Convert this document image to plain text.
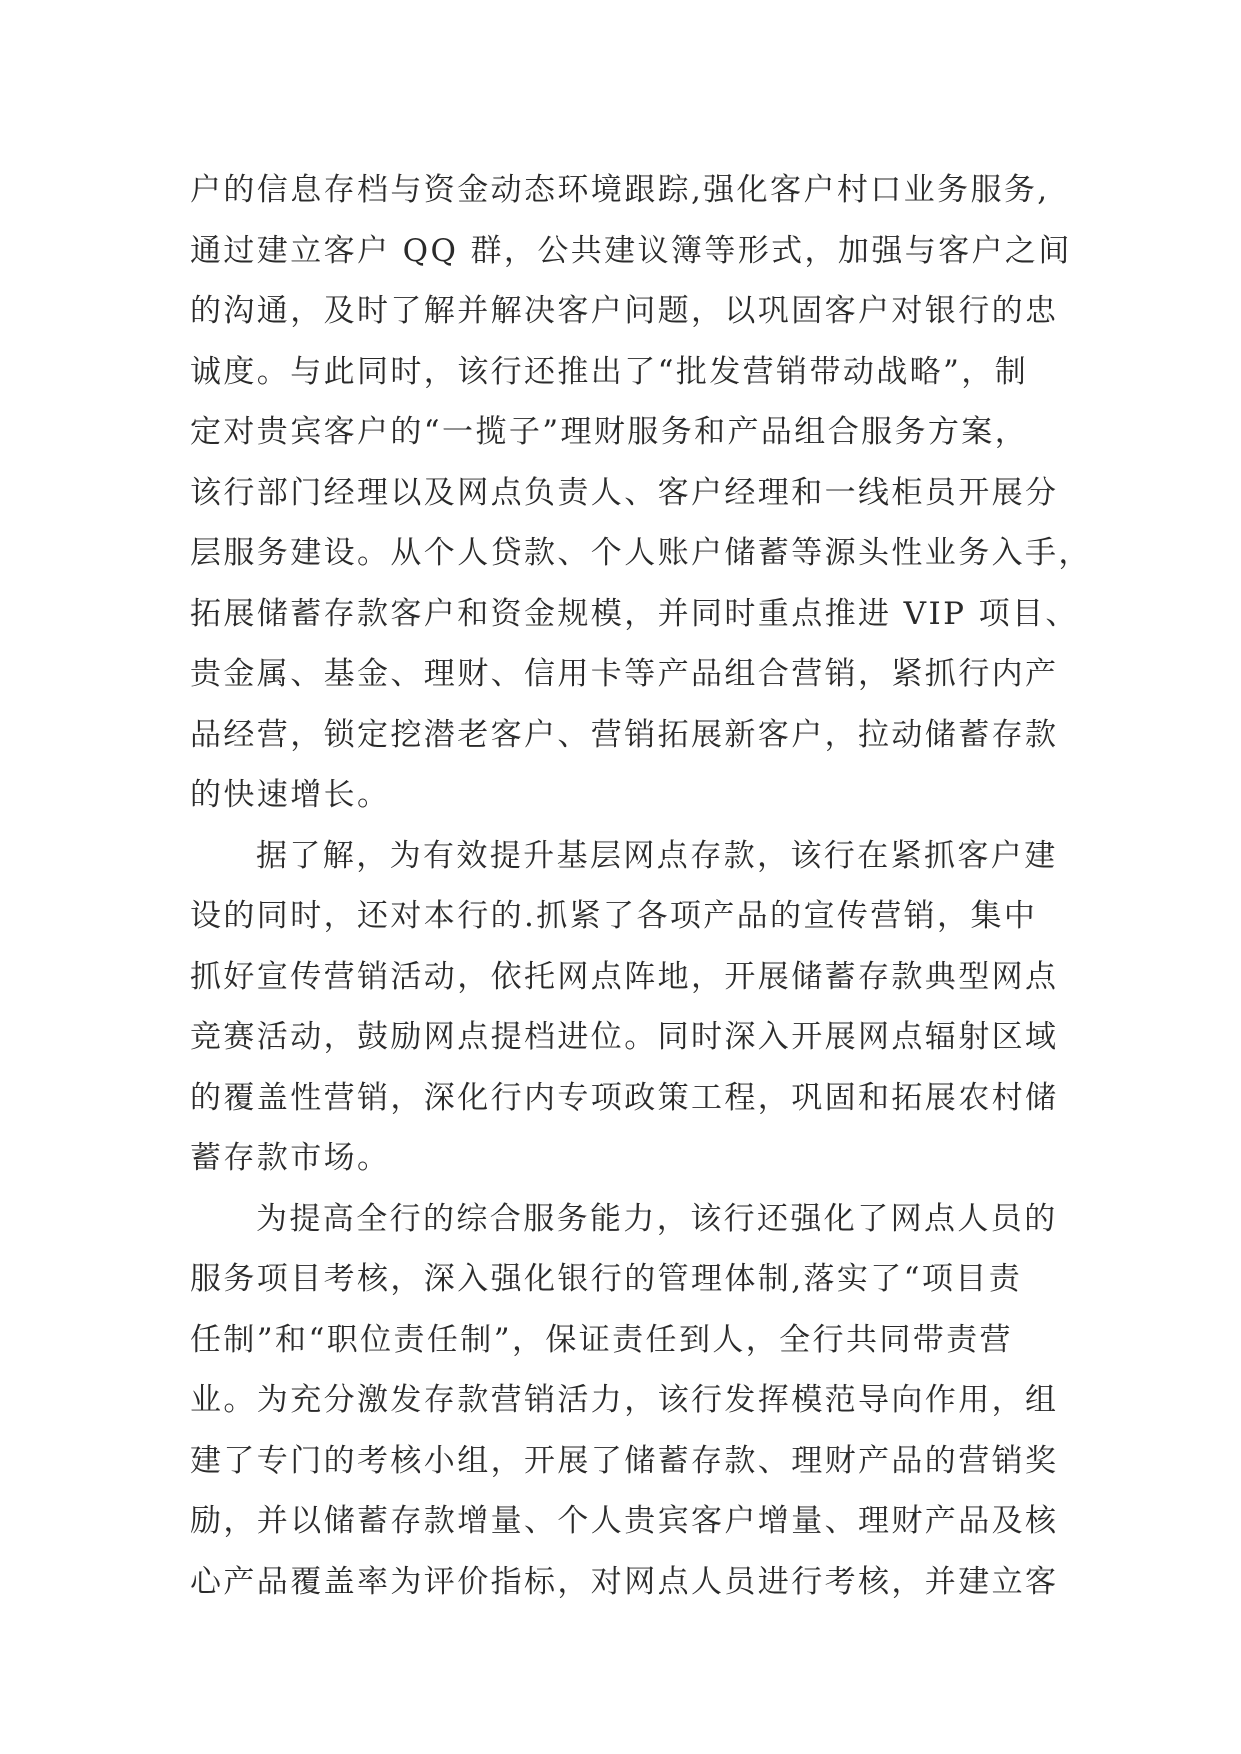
户的信息存档与资金动态环境跟踪,强化客户村口业务服务,
通过建立客户 QQ 群，公共建议簿等形式，加强与客户之间
的沟通，及时了解并解决客户问题，以巩固客户对银行的忠
诚度。与此同时，该行还推出了“批发营销带动战略”，制
定对贵宾客户的“一揽子”理财服务和产品组合服务方案，
该行部门经理以及网点负责人、客户经理和一线柜员开展分
层服务建设。从个人贷款、个人账户储蓄等源头性业务入手，
拓展储蓄存款客户和资金规模，并同时重点推进 VIP 项目、
贵金属、基金、理财、信用卡等产品组合营销，紧抓行内产
品经营，锁定挖潜老客户、营销拓展新客户，拉动储蓄存款
的快速增长。
据了解，为有效提升基层网点存款，该行在紧抓客户建
设的同时，还对本行的.抓紧了各项产品的宣传营销，集中
抓好宣传营销活动，依托网点阵地，开展储蓄存款典型网点
竞赛活动，鼓励网点提档进位。同时深入开展网点辐射区域
的覆盖性营销，深化行内专项政策工程，巩固和拓展农村储
蓄存款市场。
为提高全行的综合服务能力，该行还强化了网点人员的
服务项目考核，深入强化银行的管理体制,落实了“项目责
任制”和“职位责任制”，保证责任到人，全行共同带责营
业。为充分激发存款营销活力，该行发挥模范导向作用，组
建了专门的考核小组，开展了储蓄存款、理财产品的营销奖
励，并以储蓄存款增量、个人贵宾客户增量、理财产品及核
心产品覆盖率为评价指标，对网点人员进行考核，并建立客
